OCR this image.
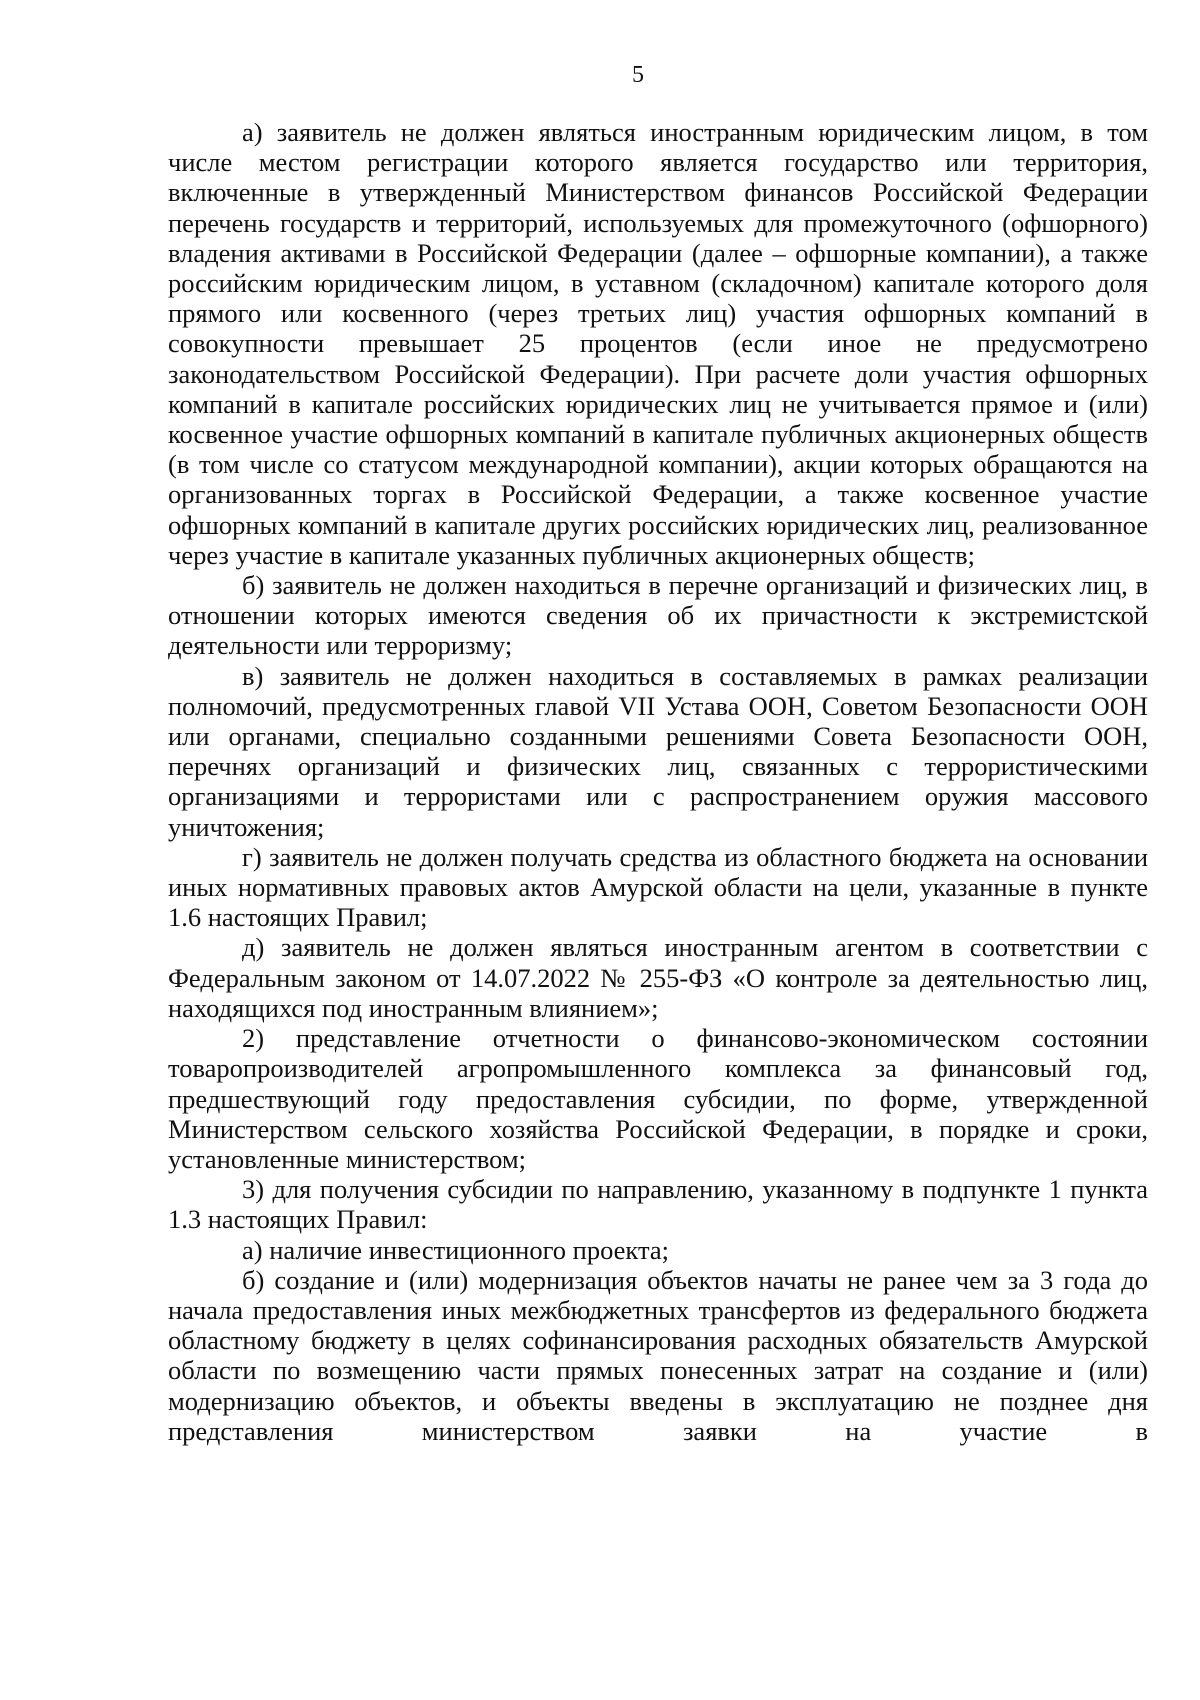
5

а) заявитель не должен являться иностранным юридическим лицом, в том числе местом регистрации которого является государство или территория, включенные в утвержденный Министерством финансов Российской Федерации перечень государств и территорий, используемых для промежуточного (офшорного) владения активами в Российской Федерации (далее – офшорные компании), а также российским юридическим лицом, в уставном (складочном) капитале которого доля прямого или косвенного (через третьих лиц) участия офшорных компаний в совокупности превышает 25 процентов (если иное не предусмотрено законодательством Российской Федерации). При расчете доли участия офшорных компаний в капитале российских юридических лиц не учитывается прямое и (или) косвенное участие офшорных компаний в капитале публичных акционерных обществ (в том числе со статусом международной компании), акции которых обращаются на организованных торгах в Российской Федерации, а также косвенное участие офшорных компаний в капитале других российских юридических лиц, реализованное через участие в капитале указанных публичных акционерных обществ;

б) заявитель не должен находиться в перечне организаций и физических лиц, в отношении которых имеются сведения об их причастности к экстремистской деятельности или терроризму;

в) заявитель не должен находиться в составляемых в рамках реализации полномочий, предусмотренных главой VII Устава ООН, Советом Безопасности ООН или органами, специально созданными решениями Совета Безопасности ООН, перечнях организаций и физических лиц, связанных с террористическими организациями и террористами или с распространением оружия массового уничтожения;

г) заявитель не должен получать средства из областного бюджета на основании иных нормативных правовых актов Амурской области на цели, указанные в пункте 1.6 настоящих Правил;

д) заявитель не должен являться иностранным агентом в соответствии с Федеральным законом от 14.07.2022 № 255-ФЗ «О контроле за деятельностью лиц, находящихся под иностранным влиянием»;

2) представление отчетности о финансово-экономическом состоянии товаропроизводителей агропромышленного комплекса за финансовый год, предшествующий году предоставления субсидии, по форме, утвержденной Министерством сельского хозяйства Российской Федерации, в порядке и сроки, установленные министерством;

3) для получения субсидии по направлению, указанному в подпункте 1 пункта 1.3 настоящих Правил:

а) наличие инвестиционного проекта;

б) создание и (или) модернизация объектов начаты не ранее чем за 3 года до начала предоставления иных межбюджетных трансфертов из федерального бюджета областному бюджету в целях софинансирования расходных обязательств Амурской области по возмещению части прямых понесенных затрат на создание и (или) модернизацию объектов, и объекты введены в эксплуатацию не позднее дня представления министерством заявки на участие в
